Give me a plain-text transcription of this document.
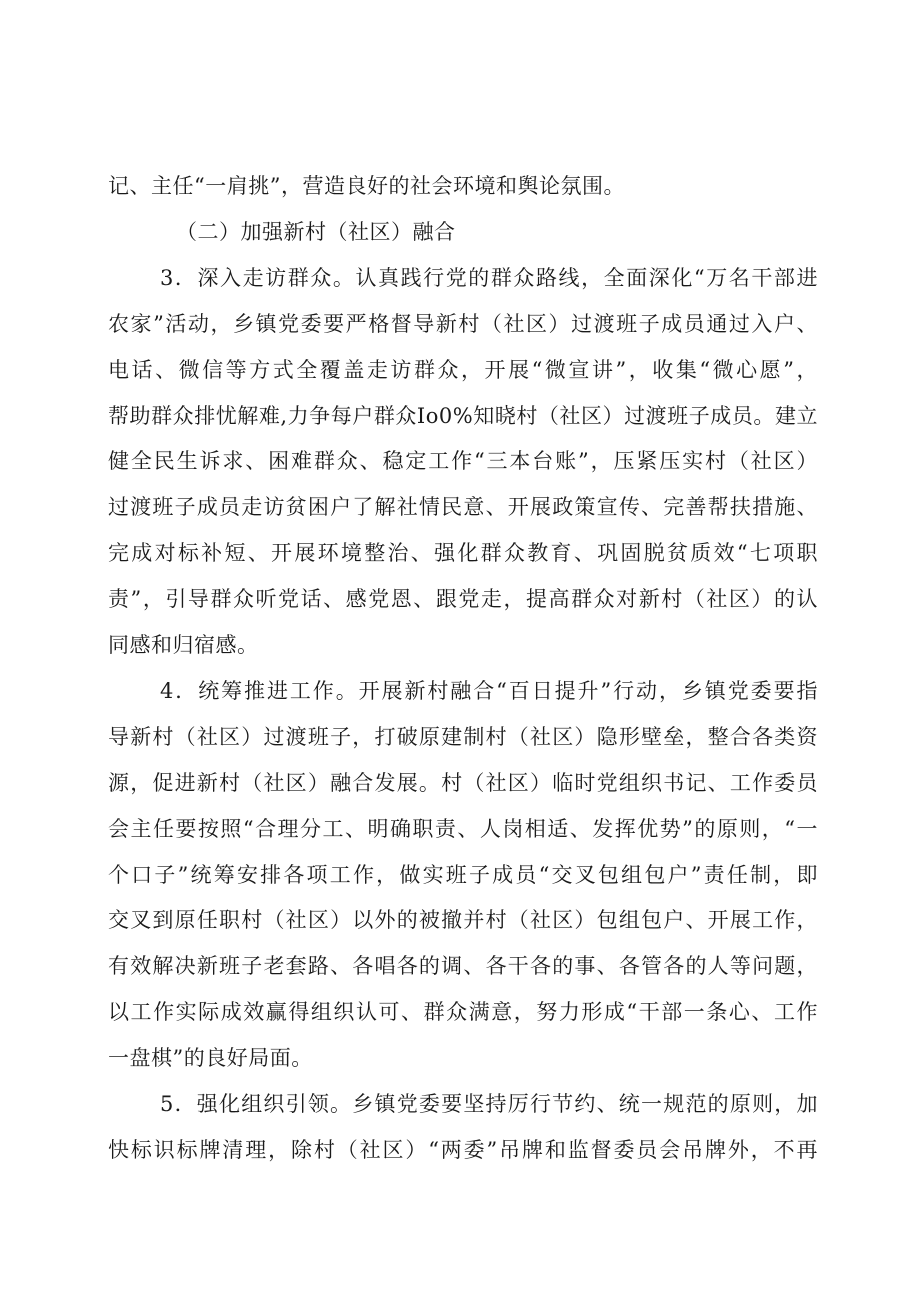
记、主任“一肩挑”，营造良好的社会环境和舆论氛围。
（二）加强新村（社区）融合
3．深入走访群众。认真践行党的群众路线，全面深化“万名干部进
农家”活动，乡镇党委要严格督导新村（社区）过渡班子成员通过入户、
电话、微信等方式全覆盖走访群众，开展“微宣讲”，收集“微心愿”，
帮助群众排忧解难,力争每户群众Io0%知晓村（社区）过渡班子成员。建立
健全民生诉求、困难群众、稳定工作“三本台账”，压紧压实村（社区）
过渡班子成员走访贫困户了解社情民意、开展政策宣传、完善帮扶措施、
完成对标补短、开展环境整治、强化群众教育、巩固脱贫质效“七项职
责”，引导群众听党话、感党恩、跟党走，提高群众对新村（社区）的认
同感和归宿感。
4．统筹推进工作。开展新村融合“百日提升”行动，乡镇党委要指
导新村（社区）过渡班子，打破原建制村（社区）隐形壁垒，整合各类资
源，促进新村（社区）融合发展。村（社区）临时党组织书记、工作委员
会主任要按照“合理分工、明确职责、人岗相适、发挥优势”的原则，“一
个口子”统筹安排各项工作，做实班子成员“交叉包组包户”责任制，即
交叉到原任职村（社区）以外的被撤并村（社区）包组包户、开展工作，
有效解决新班子老套路、各唱各的调、各干各的事、各管各的人等问题，
以工作实际成效赢得组织认可、群众满意，努力形成“干部一条心、工作
一盘棋”的良好局面。
5．强化组织引领。乡镇党委要坚持厉行节约、统一规范的原则，加
快标识标牌清理，除村（社区）“两委”吊牌和监督委员会吊牌外，不再
